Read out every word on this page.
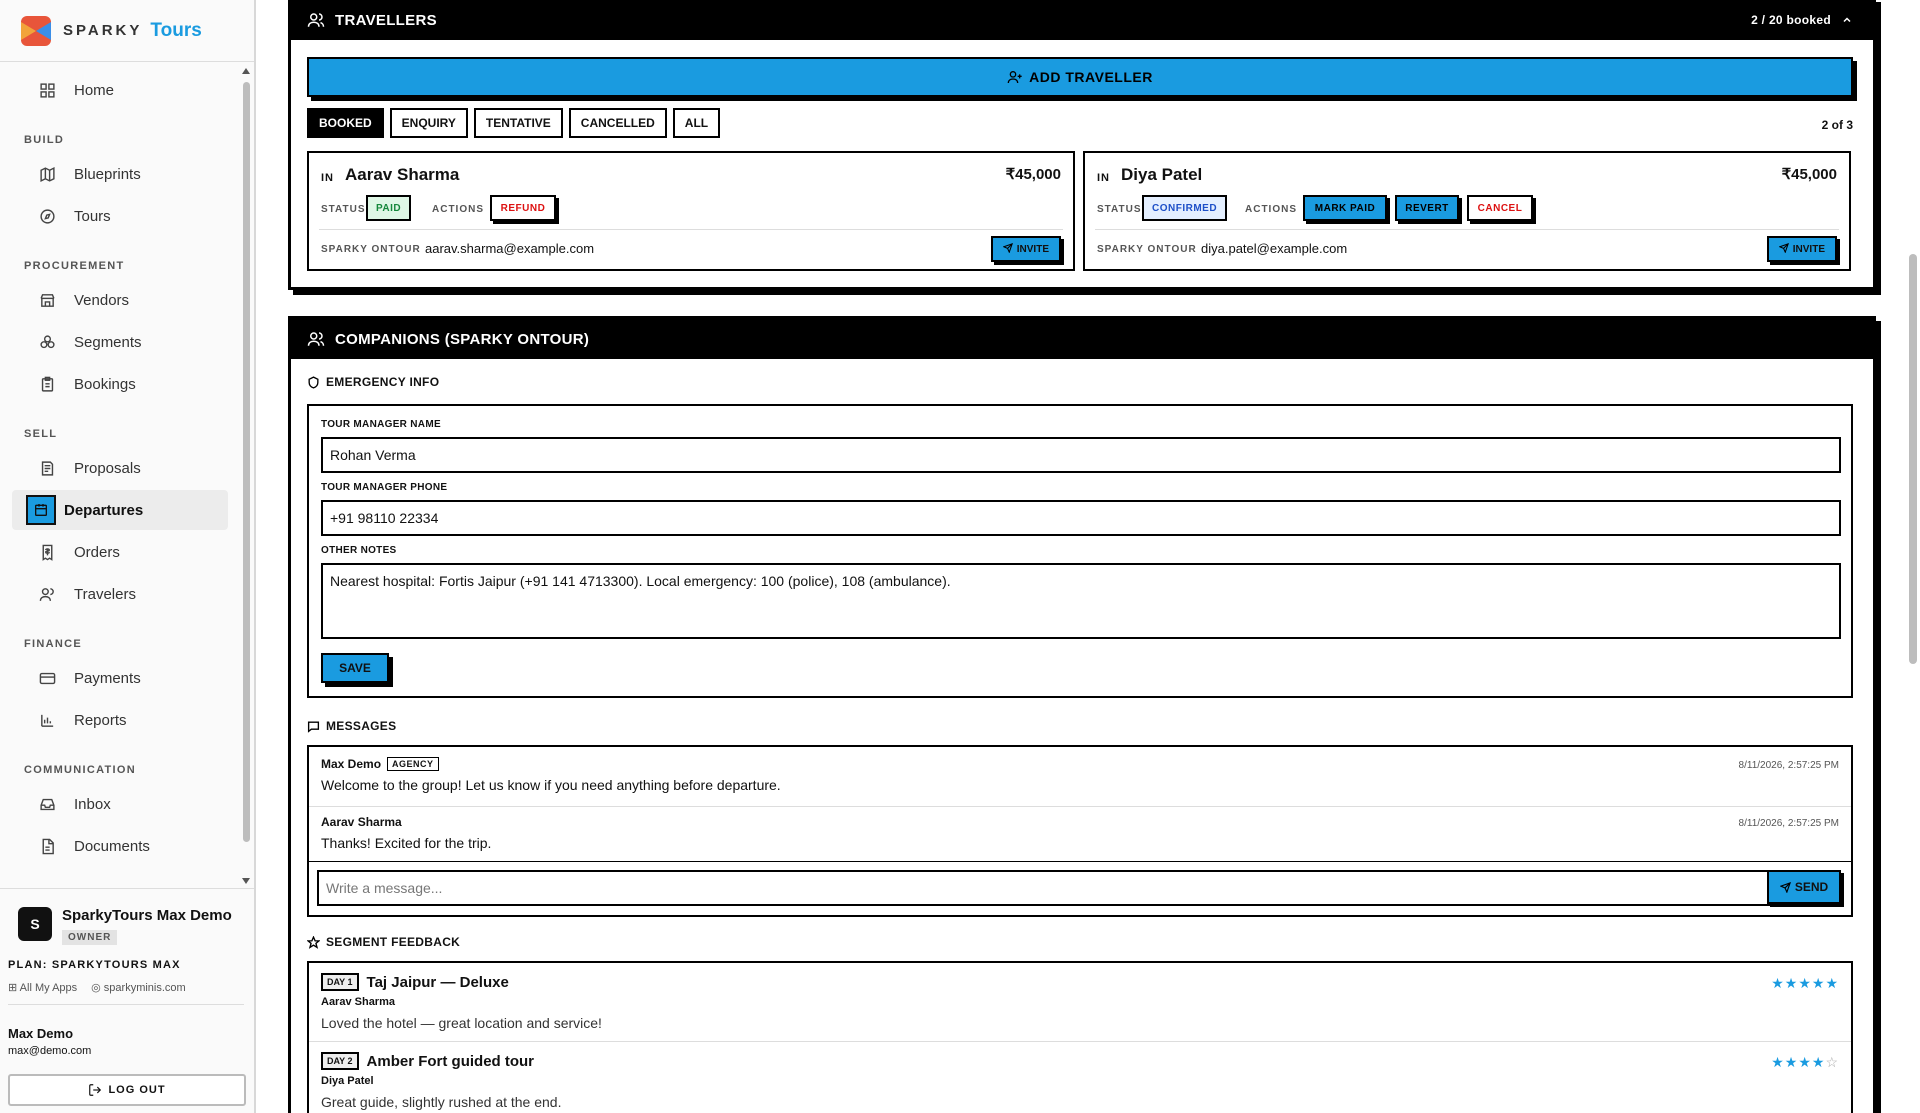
SPARKY Tours
Home
BUILD
Blueprints
Tours
PROCUREMENT
Vendors
Segments
Bookings
SELL
Proposals
Departures
Orders
Travelers
FINANCE
Payments
Reports
COMMUNICATION
Inbox
Documents
S	SparkyTours Max Demo
OWNER
PLAN: SPARKYTOURS MAX
⊞ All My Apps ◎ sparkyminis.com
Max Demo
max@demo.com
LOG OUT
TRAVELLERS	2 / 20 booked
ADD TRAVELLER
BOOKED	ENQUIRY	TENTATIVE	CANCELLED	ALL	2 of 3
IN Aarav Sharma	₹45,000
STATUS	PAID	ACTIONS	REFUND
SPARKY ONTOUR aarav.sharma@example.com	INVITE
IN Diya Patel	₹45,000
STATUS	CONFIRMED	ACTIONS	MARK PAID	REVERT	CANCEL
SPARKY ONTOUR diya.patel@example.com	INVITE
COMPANIONS (SPARKY ONTOUR)
EMERGENCY INFO
TOUR MANAGER NAME
Rohan Verma
TOUR MANAGER PHONE
+91 98110 22334
OTHER NOTES
Nearest hospital: Fortis Jaipur (+91 141 4713300). Local emergency: 100 (police), 108 (ambulance).
SAVE
MESSAGES
Max Demo	AGENCY
Welcome to the group! Let us know if you need anything before departure.
8/11/2026, 2:57:25 PM
Aarav Sharma
Thanks! Excited for the trip.
8/11/2026, 2:57:25 PM
Write a message...	SEND
SEGMENT FEEDBACK
DAY 1 Taj Jaipur — Deluxe
Aarav Sharma
Loved the hotel — great location and service!
★★★★★
DAY 2 Amber Fort guided tour
Diya Patel
Great guide, slightly rushed at the end.
★★★★☆
